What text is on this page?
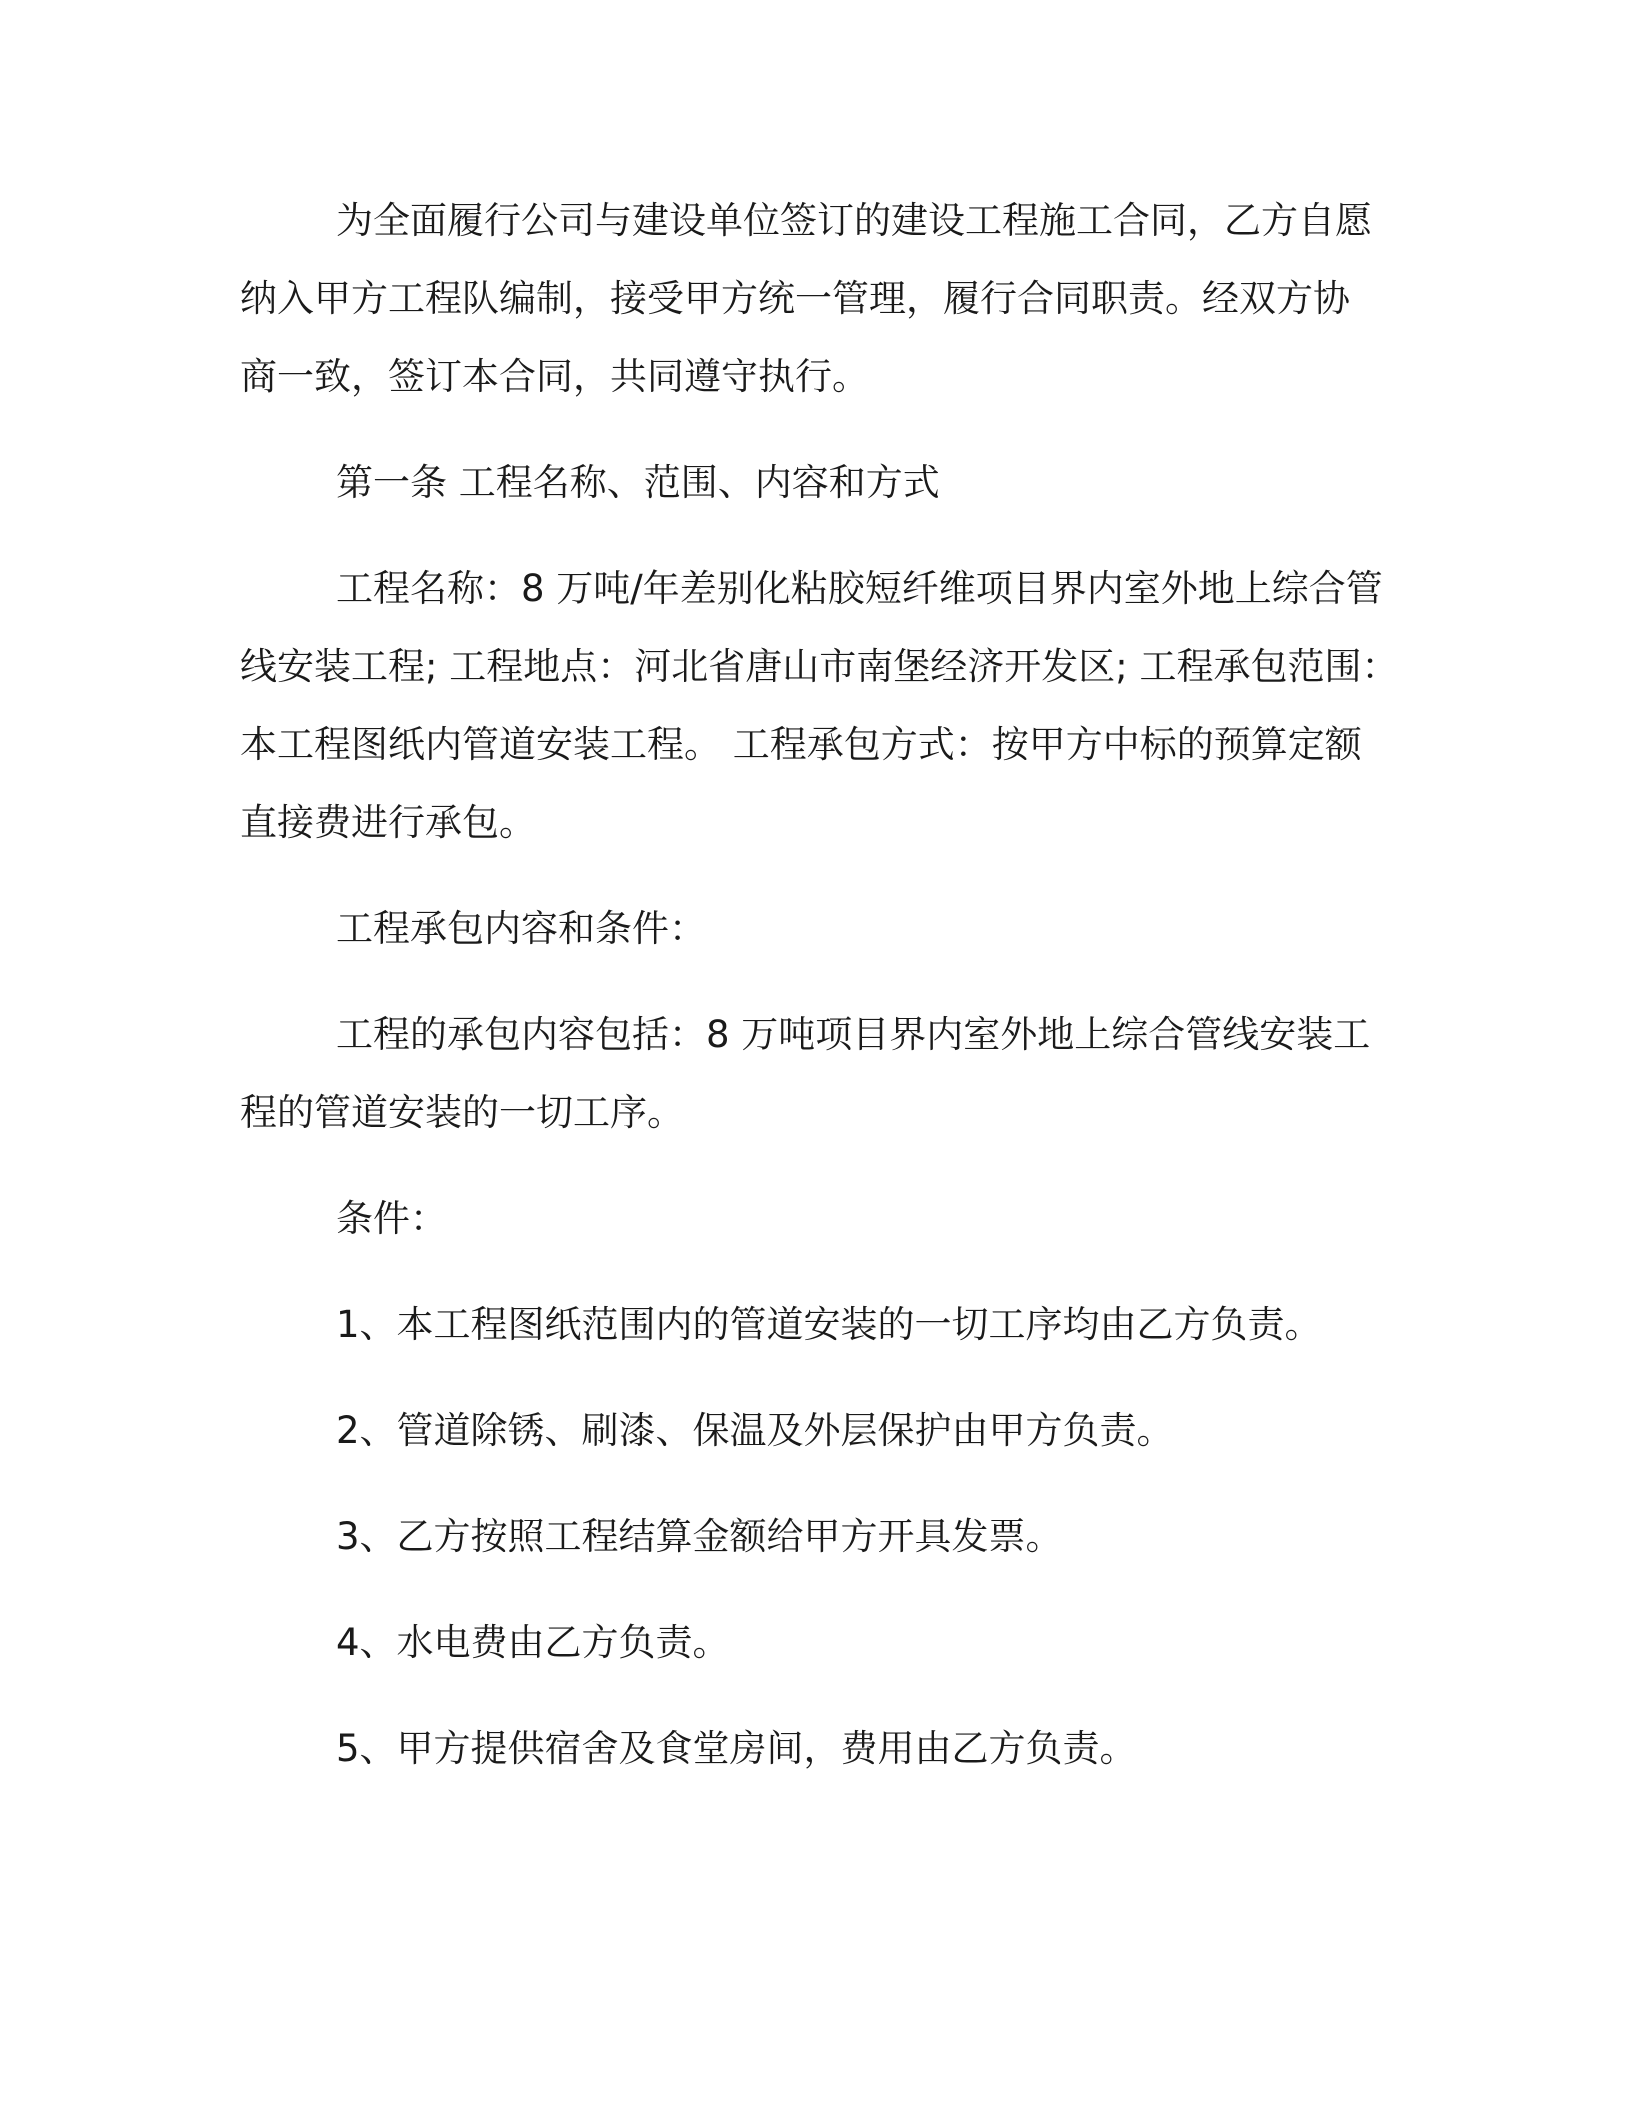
为全面履行公司与建设单位签订的建设工程施工合同，乙方自愿
纳入甲方工程队编制，接受甲方统一管理，履行合同职责。经双方协
商一致，签订本合同，共同遵守执行。

第一条 工程名称、范围、内容和方式

工程名称：8 万吨/年差别化粘胶短纤维项目界内室外地上综合管
线安装工程; 工程地点：河北省唐山市南堡经济开发区; 工程承包范围：
本工程图纸内管道安装工程。 工程承包方式：按甲方中标的预算定额
直接费进行承包。

工程承包内容和条件：

工程的承包内容包括：8 万吨项目界内室外地上综合管线安装工
程的管道安装的一切工序。

条件：

1、本工程图纸范围内的管道安装的一切工序均由乙方负责。

2、管道除锈、刷漆、保温及外层保护由甲方负责。

3、乙方按照工程结算金额给甲方开具发票。

4、水电费由乙方负责。

5、甲方提供宿舍及食堂房间，费用由乙方负责。
